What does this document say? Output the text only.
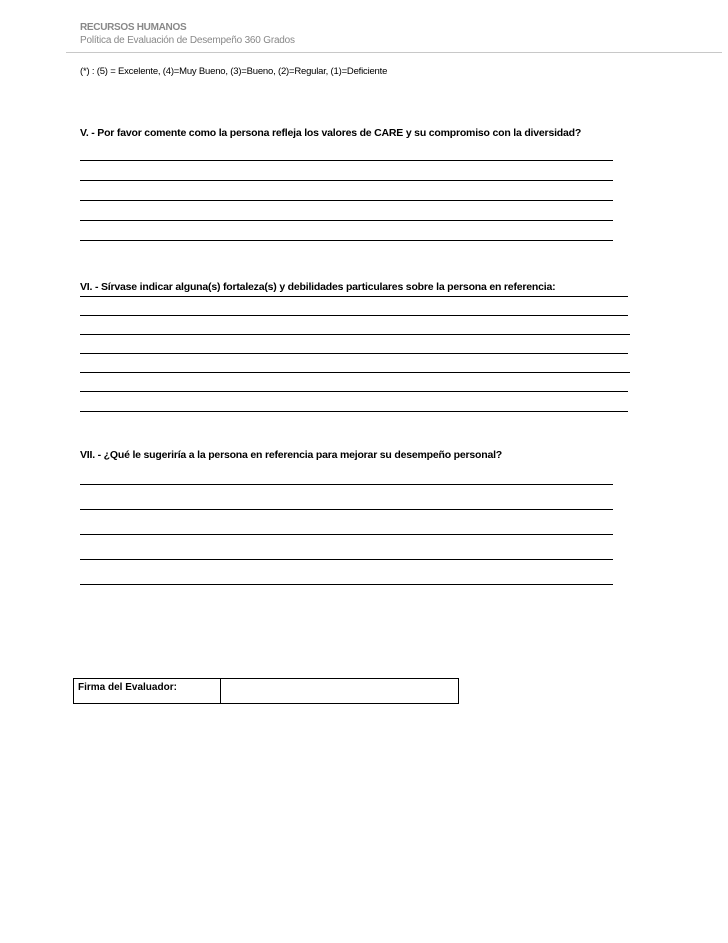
RECURSOS HUMANOS
Política de Evaluación de Desempeño 360 Grados
(*) : (5) = Excelente, (4)=Muy Bueno, (3)=Bueno, (2)=Regular, (1)=Deficiente
V. - Por favor comente como la persona refleja los valores de CARE y su compromiso con la diversidad?
VI. - Sírvase indicar alguna(s) fortaleza(s) y debilidades particulares sobre la persona en referencia:
VII. - ¿Qué le sugeriría a la persona en referencia para mejorar su desempeño personal?
Firma del Evaluador:
